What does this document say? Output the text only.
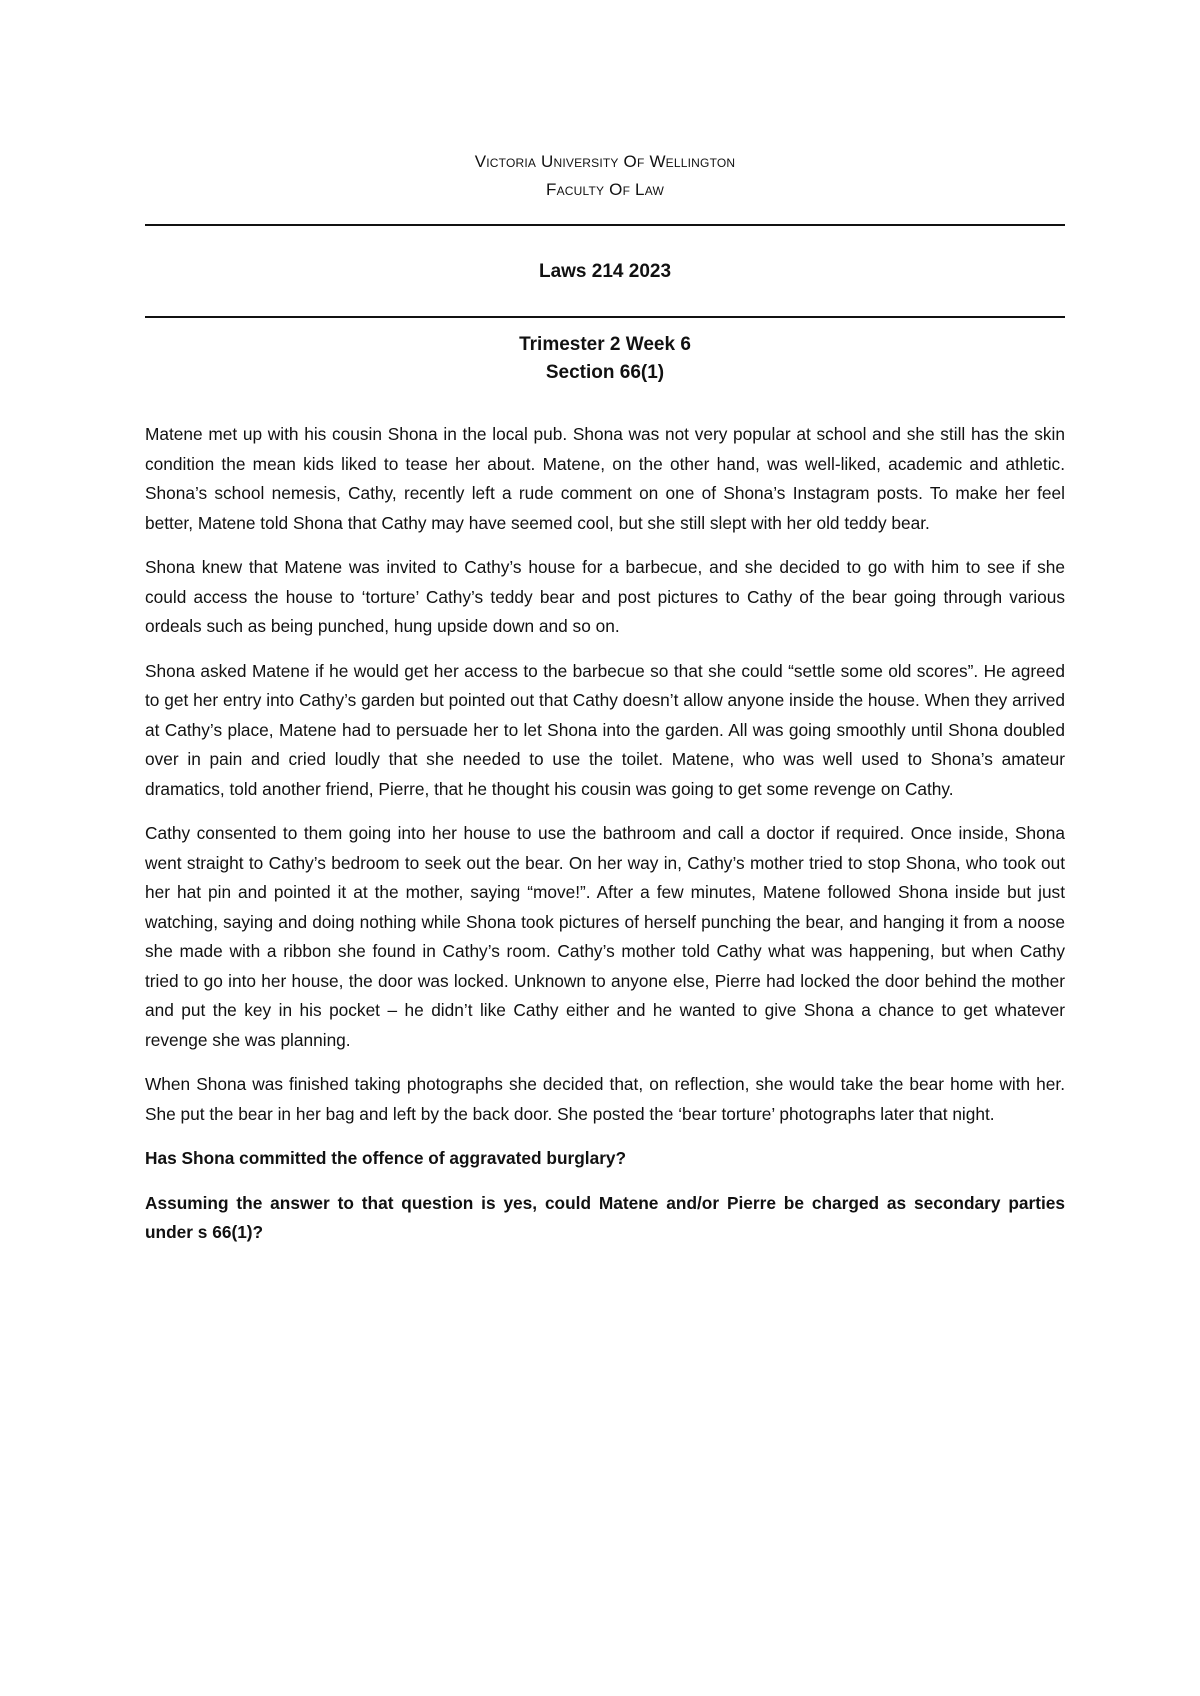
Victoria University Of Wellington
Faculty Of Law
Laws 214 2023
Trimester 2 Week 6
Section 66(1)

Matene met up with his cousin Shona in the local pub. Shona was not very popular at school and she still has the skin condition the mean kids liked to tease her about. Matene, on the other hand, was well-liked, academic and athletic. Shona’s school nemesis, Cathy, recently left a rude comment on one of Shona’s Instagram posts. To make her feel better, Matene told Shona that Cathy may have seemed cool, but she still slept with her old teddy bear.

Shona knew that Matene was invited to Cathy’s house for a barbecue, and she decided to go with him to see if she could access the house to ‘torture’ Cathy’s teddy bear and post pictures to Cathy of the bear going through various ordeals such as being punched, hung upside down and so on.

Shona asked Matene if he would get her access to the barbecue so that she could “settle some old scores”. He agreed to get her entry into Cathy’s garden but pointed out that Cathy doesn’t allow anyone inside the house. When they arrived at Cathy’s place, Matene had to persuade her to let Shona into the garden. All was going smoothly until Shona doubled over in pain and cried loudly that she needed to use the toilet. Matene, who was well used to Shona’s amateur dramatics, told another friend, Pierre, that he thought his cousin was going to get some revenge on Cathy.

Cathy consented to them going into her house to use the bathroom and call a doctor if required. Once inside, Shona went straight to Cathy’s bedroom to seek out the bear. On her way in, Cathy’s mother tried to stop Shona, who took out her hat pin and pointed it at the mother, saying “move!”. After a few minutes, Matene followed Shona inside but just watching, saying and doing nothing while Shona took pictures of herself punching the bear, and hanging it from a noose she made with a ribbon she found in Cathy’s room. Cathy’s mother told Cathy what was happening, but when Cathy tried to go into her house, the door was locked. Unknown to anyone else, Pierre had locked the door behind the mother and put the key in his pocket – he didn’t like Cathy either and he wanted to give Shona a chance to get whatever revenge she was planning.

When Shona was finished taking photographs she decided that, on reflection, she would take the bear home with her. She put the bear in her bag and left by the back door. She posted the ‘bear torture’ photographs later that night.

Has Shona committed the offence of aggravated burglary?

Assuming the answer to that question is yes, could Matene and/or Pierre be charged as secondary parties under s 66(1)?
